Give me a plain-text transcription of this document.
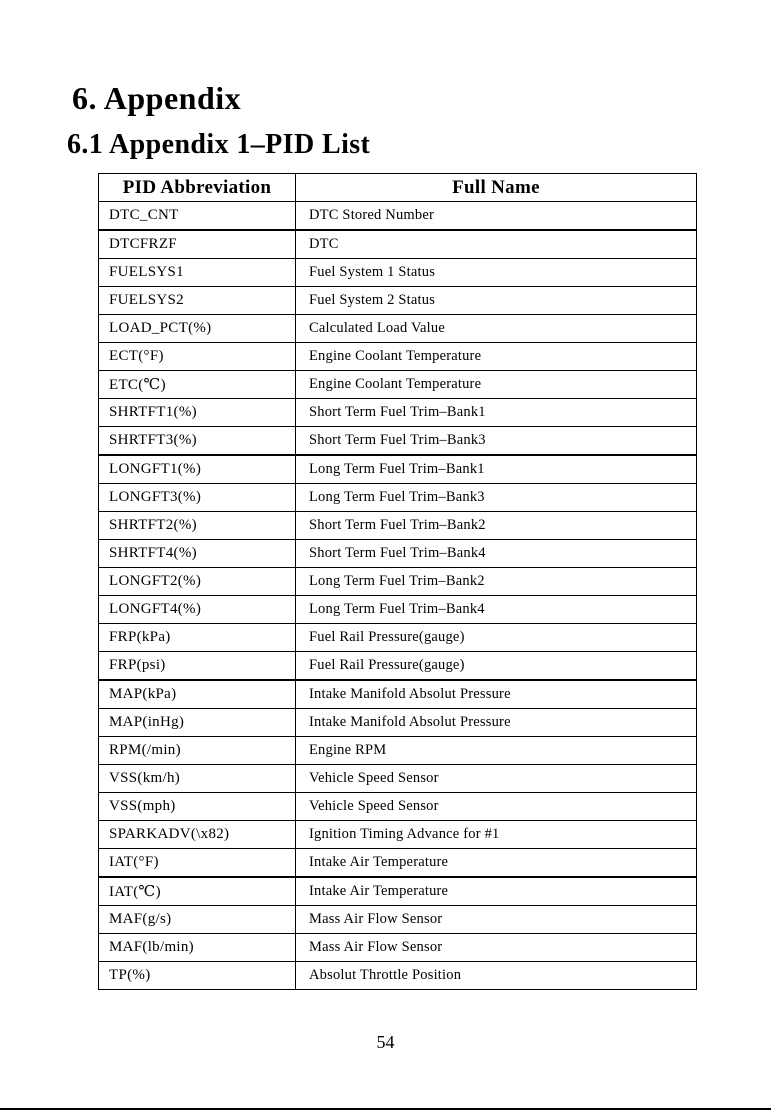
6. Appendix
6.1 Appendix 1–PID List
PID Abbreviation	Full Name
DTC_CNT	DTC Stored Number
DTCFRZF	DTC
FUELSYS1	Fuel System 1 Status
FUELSYS2	Fuel System 2 Status
LOAD_PCT(%)	Calculated Load Value
ECT(°F)	Engine Coolant Temperature
ETC(℃)	Engine Coolant Temperature
SHRTFT1(%)	Short Term Fuel Trim–Bank1
SHRTFT3(%)	Short Term Fuel Trim–Bank3
LONGFT1(%)	Long Term Fuel Trim–Bank1
LONGFT3(%)	Long Term Fuel Trim–Bank3
SHRTFT2(%)	Short Term Fuel Trim–Bank2
SHRTFT4(%)	Short Term Fuel Trim–Bank4
LONGFT2(%)	Long Term Fuel Trim–Bank2
LONGFT4(%)	Long Term Fuel Trim–Bank4
FRP(kPa)	Fuel Rail Pressure(gauge)
FRP(psi)	Fuel Rail Pressure(gauge)
MAP(kPa)	Intake Manifold Absolut Pressure
MAP(inHg)	Intake Manifold Absolut Pressure
RPM(/min)	Engine RPM
VSS(km/h)	Vehicle Speed Sensor
VSS(mph)	Vehicle Speed Sensor
SPARKADV(\x82)	Ignition Timing Advance for #1
IAT(°F)	Intake Air Temperature
IAT(℃)	Intake Air Temperature
MAF(g/s)	Mass Air Flow Sensor
MAF(lb/min)	Mass Air Flow Sensor
TP(%)	Absolut Throttle Position
54
